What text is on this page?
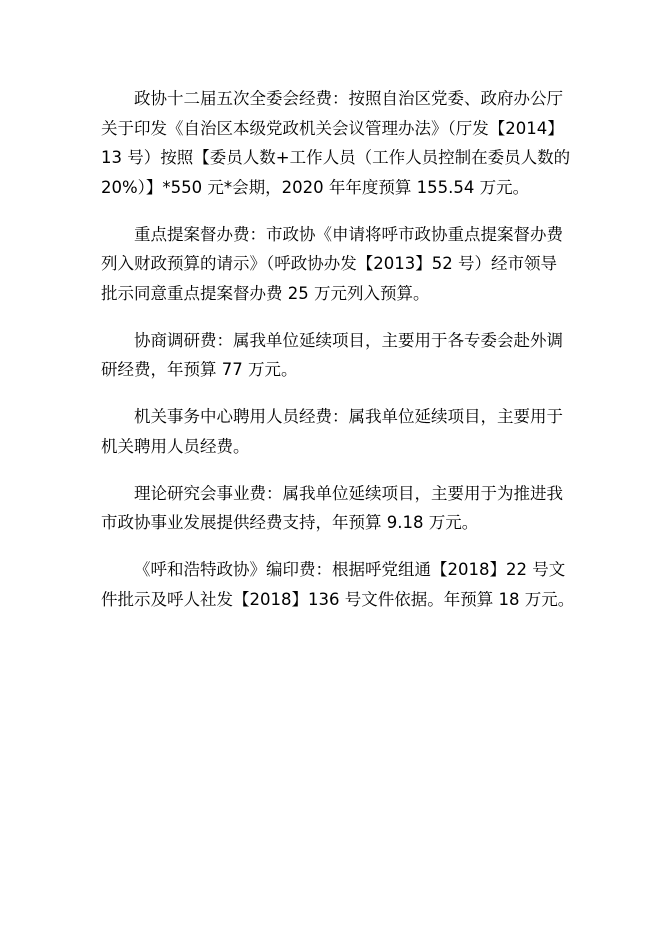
政协十二届五次全委会经费：按照自治区党委、政府办公厅
关于印发《自治区本级党政机关会议管理办法》（厅发【2014】
13 号）按照【委员人数+工作人员（工作人员控制在委员人数的
20%）】*550 元*会期，2020 年年度预算 155.54 万元。

重点提案督办费：市政协《申请将呼市政协重点提案督办费
列入财政预算的请示》（呼政协办发【2013】52 号）经市领导
批示同意重点提案督办费 25 万元列入预算。

协商调研费：属我单位延续项目，主要用于各专委会赴外调
研经费，年预算 77 万元。

机关事务中心聘用人员经费：属我单位延续项目，主要用于
机关聘用人员经费。

理论研究会事业费：属我单位延续项目，主要用于为推进我
市政协事业发展提供经费支持，年预算 9.18 万元。

《呼和浩特政协》编印费：根据呼党组通【2018】22 号文
件批示及呼人社发【2018】136 号文件依据。年预算 18 万元。
